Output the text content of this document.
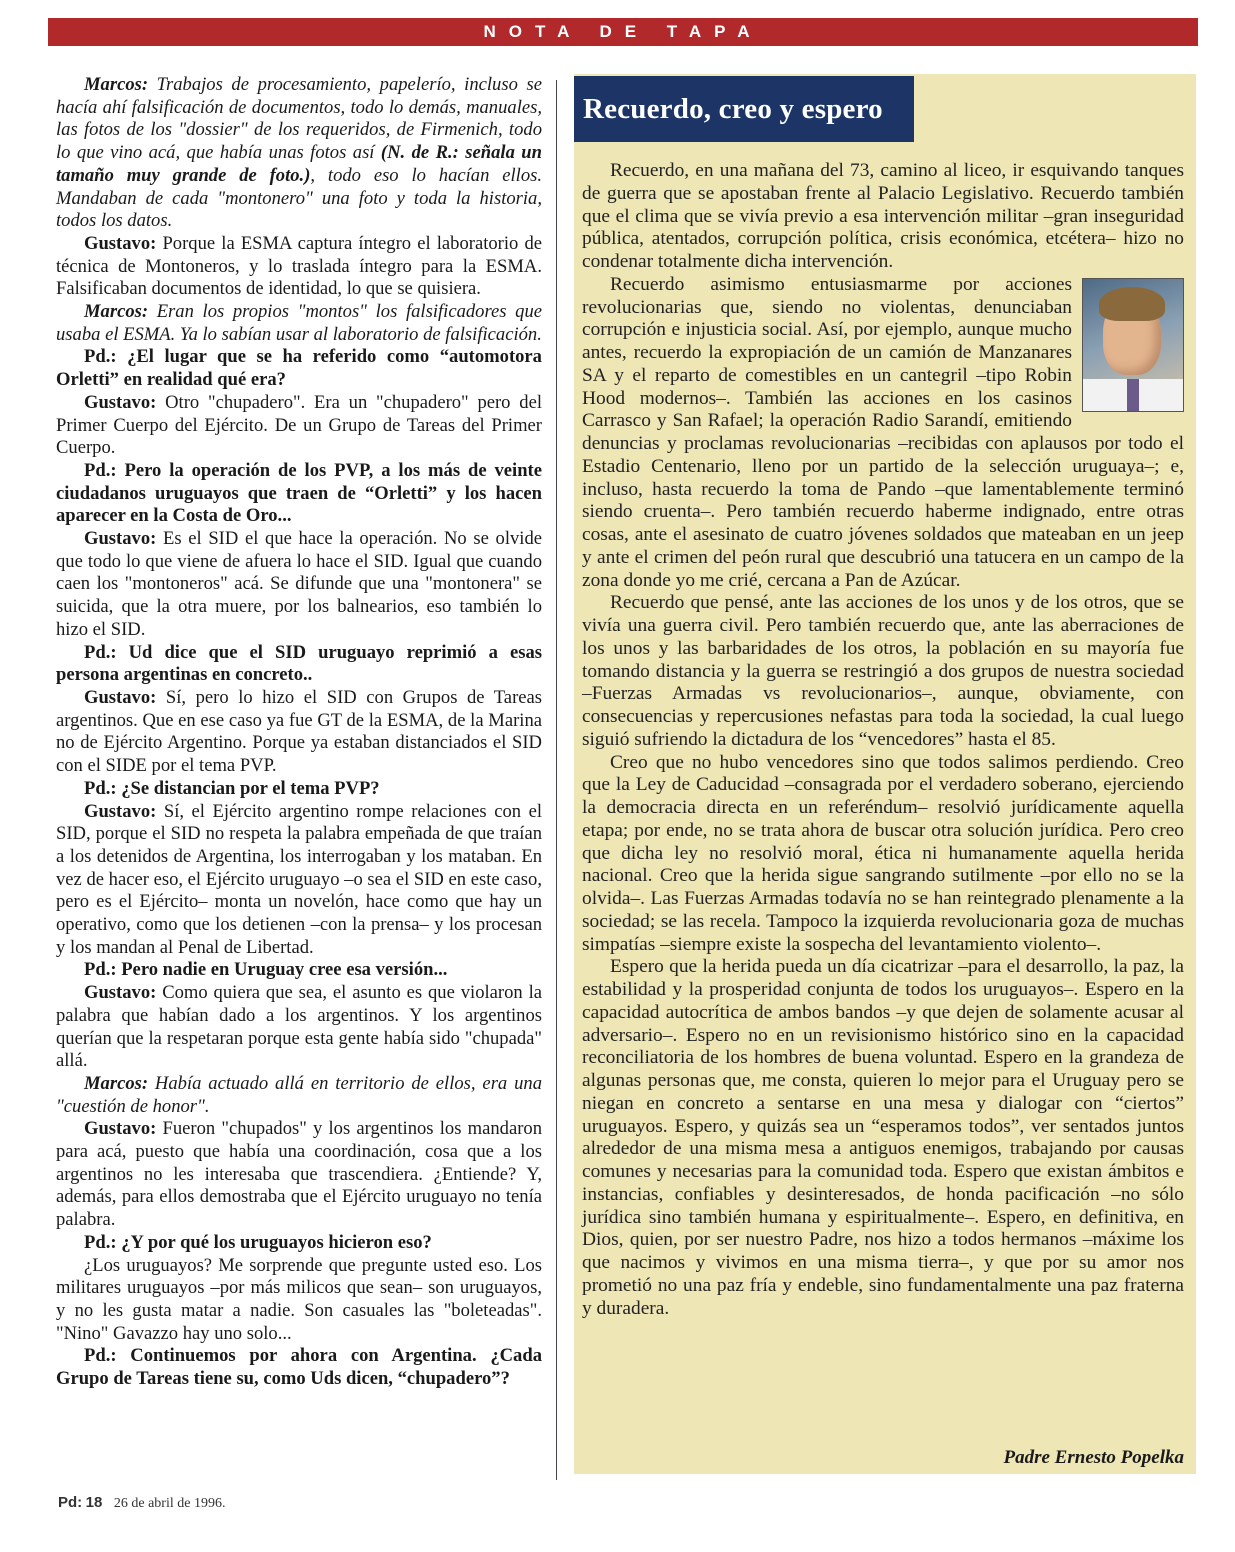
NOTA DE TAPA

Marcos: Trabajos de procesamiento, papelerío, incluso se hacía ahí falsificación de documentos, todo lo demás, manuales, las fotos de los "dossier" de los requeridos, de Firmenich, todo lo que vino acá, que había unas fotos así (N. de R.: señala un tamaño muy grande de foto.), todo eso lo hacían ellos. Mandaban de cada "montonero" una foto y toda la historia, todos los datos.

Gustavo: Porque la ESMA captura íntegro el laboratorio de técnica de Montoneros, y lo traslada íntegro para la ESMA. Falsificaban documentos de identidad, lo que se quisiera.

Marcos: Eran los propios "montos" los falsificadores que usaba el ESMA. Ya lo sabían usar al laboratorio de falsificación.

Pd.: ¿El lugar que se ha referido como “automotora Orletti” en realidad qué era?

Gustavo: Otro "chupadero". Era un "chupadero" pero del Primer Cuerpo del Ejército. De un Grupo de Tareas del Primer Cuerpo.

Pd.: Pero la operación de los PVP, a los más de veinte ciudadanos uruguayos que traen de “Orletti” y los hacen aparecer en la Costa de Oro...

Gustavo: Es el SID el que hace la operación. No se olvide que todo lo que viene de afuera lo hace el SID. Igual que cuando caen los "montoneros" acá. Se difunde que una "montonera" se suicida, que la otra muere, por los balnearios, eso también lo hizo el SID.

Pd.: Ud dice que el SID uruguayo reprimió a esas persona argentinas en concreto..

Gustavo: Sí, pero lo hizo el SID con Grupos de Tareas argentinos. Que en ese caso ya fue GT de la ESMA, de la Marina no de Ejército Argentino. Porque ya estaban distanciados el SID con el SIDE por el tema PVP.

Pd.: ¿Se distancian por el tema PVP?

Gustavo: Sí, el Ejército argentino rompe relaciones con el SID, porque el SID no respeta la palabra empeñada de que traían a los detenidos de Argentina, los interrogaban y los mataban. En vez de hacer eso, el Ejército uruguayo –o sea el SID en este caso, pero es el Ejército– monta un novelón, hace como que hay un operativo, como que los detienen –con la prensa– y los procesan y los mandan al Penal de Libertad.

Pd.: Pero nadie en Uruguay cree esa versión...

Gustavo: Como quiera que sea, el asunto es que violaron la palabra que habían dado a los argentinos. Y los argentinos querían que la respetaran porque esta gente había sido "chupada" allá.

Marcos: Había actuado allá en territorio de ellos, era una "cuestión de honor".

Gustavo: Fueron "chupados" y los argentinos los mandaron para acá, puesto que había una coordinación, cosa que a los argentinos no les interesaba que trascendiera. ¿Entiende? Y, además, para ellos demostraba que el Ejército uruguayo no tenía palabra.

Pd.: ¿Y por qué los uruguayos hicieron eso?

¿Los uruguayos? Me sorprende que pregunte usted eso. Los militares uruguayos –por más milicos que sean– son uruguayos, y no les gusta matar a nadie. Son casuales las "boleteadas". "Nino" Gavazzo hay uno solo...

Pd.: Continuemos por ahora con Argentina. ¿Cada Grupo de Tareas tiene su, como Uds dicen, “chupadero”?

Recuerdo, creo y espero

Recuerdo, en una mañana del 73, camino al liceo, ir esquivando tanques de guerra que se apostaban frente al Palacio Legislativo. Recuerdo también que el clima que se vivía previo a esa intervención militar –gran inseguridad pública, atentados, corrupción política, crisis económica, etcétera– hizo no condenar totalmente dicha intervención.

Recuerdo asimismo entusiasmarme por acciones revolucionarias que, siendo no violentas, denunciaban corrupción e injusticia social. Así, por ejemplo, aunque mucho antes, recuerdo la expropiación de un camión de Manzanares SA y el reparto de comestibles en un cantegril –tipo Robin Hood modernos–. También las acciones en los casinos Carrasco y San Rafael; la operación Radio Sarandí, emitiendo denuncias y proclamas revolucionarias –recibidas con aplausos por todo el Estadio Centenario, lleno por un partido de la selección uruguaya–; e, incluso, hasta recuerdo la toma de Pando –que lamentablemente terminó siendo cruenta–. Pero también recuerdo haberme indignado, entre otras cosas, ante el asesinato de cuatro jóvenes soldados que mateaban en un jeep y ante el crimen del peón rural que descubrió una tatucera en un campo de la zona donde yo me crié, cercana a Pan de Azúcar.

Recuerdo que pensé, ante las acciones de los unos y de los otros, que se vivía una guerra civil. Pero también recuerdo que, ante las aberraciones de los unos y las barbaridades de los otros, la población en su mayoría fue tomando distancia y la guerra se restringió a dos grupos de nuestra sociedad –Fuerzas Armadas vs revolucionarios–, aunque, obviamente, con consecuencias y repercusiones nefastas para toda la sociedad, la cual luego siguió sufriendo la dictadura de los “vencedores” hasta el 85.

Creo que no hubo vencedores sino que todos salimos perdiendo. Creo que la Ley de Caducidad –consagrada por el verdadero soberano, ejerciendo la democracia directa en un referéndum– resolvió jurídicamente aquella etapa; por ende, no se trata ahora de buscar otra solución jurídica. Pero creo que dicha ley no resolvió moral, ética ni humanamente aquella herida nacional. Creo que la herida sigue sangrando sutilmente –por ello no se la olvida–. Las Fuerzas Armadas todavía no se han reintegrado plenamente a la sociedad; se las recela. Tampoco la izquierda revolucionaria goza de muchas simpatías –siempre existe la sospecha del levantamiento violento–.

Espero que la herida pueda un día cicatrizar –para el desarrollo, la paz, la estabilidad y la prosperidad conjunta de todos los uruguayos–. Espero en la capacidad autocrítica de ambos bandos –y que dejen de solamente acusar al adversario–. Espero no en un revisionismo histórico sino en la capacidad reconciliatoria de los hombres de buena voluntad. Espero en la grandeza de algunas personas que, me consta, quieren lo mejor para el Uruguay pero se niegan en concreto a sentarse en una mesa y dialogar con “ciertos” uruguayos. Espero, y quizás sea un “esperamos todos”, ver sentados juntos alrededor de una misma mesa a antiguos enemigos, trabajando por causas comunes y necesarias para la comunidad toda. Espero que existan ámbitos e instancias, confiables y desinteresados, de honda pacificación –no sólo jurídica sino también humana y espiritualmente–. Espero, en definitiva, en Dios, quien, por ser nuestro Padre, nos hizo a todos hermanos –máxime los que nacimos y vivimos en una misma tierra–, y que por su amor nos prometió no una paz fría y endeble, sino fundamentalmente una paz fraterna y duradera.

Padre Ernesto Popelka
Pd: 18 26 de abril de 1996.
